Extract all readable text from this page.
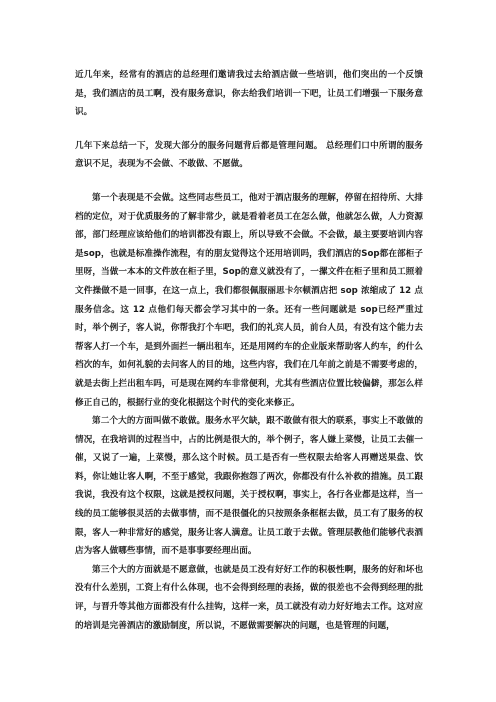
近几年来，经常有的酒店的总经理们邀请我过去给酒店做一些培训，他们突出的一个反馈是，我们酒店的员工啊，没有服务意识，你去给我们培训一下吧，让员工们增强一下服务意识。

几年下来总结一下，发现大部分的服务问题背后都是管理问题。 总经理们口中所谓的服务意识不足，表现为不会做、不敢做、不愿做。

第一个表现是不会做。这些同志些员工，他对于酒店服务的理解，停留在招待所、大排档的定位，对于优质服务的了解非常少，就是看着老员工在怎么做，他就怎么做，人力资源部，部门经理应该给他们的培训都没有跟上，所以导致不会做。不会做，最主要要培训内容是sop，也就是标准操作流程，有的朋友觉得这个还用培训吗，我们酒店的Sop都在部柜子里呀，当做一本本的文件放在柜子里，Sop的意义就没有了，一摞文件在柜子里和员工照着文件操做不是一回事，在这一点上，我们都很佩服丽思卡尔顿酒店把 sop 浓缩成了 12 点服务信念。这 12 点他们每天都会学习其中的一条。还有一些问题就是 sop已经严重过时，举个例子，客人说，你帮我打个车吧，我们的礼宾人员，前台人员，有没有这个能力去帮客人打一个车，是到外面拦一辆出租车，还是用网约车的企业版来帮助客人约车，约什么档次的车，如何礼貌的去问客人的目的地，这些内容，我们在几年前之前是不需要考虑的，就是去街上拦出租车吗，可是现在网约车非常便利，尤其有些酒店位置比较偏僻，那怎么样修正自己的，根据行业的变化根据这个时代的变化来修正。

第二个大的方面叫做不敢做。服务水平欠缺，跟不敢做有很大的联系，事实上不敢做的情况，在我培训的过程当中，占的比例是很大的，举个例子，客人嫌上菜慢，让员工去催一催，又说了一遍，上菜慢，那么这个时候。员工是否有一些权限去给客人再赠送果盘、饮料，你让她让客人啊，不至于感觉，我跟你抱怨了两次，你都没有什么补救的措施。员工跟我说，我没有这个权限，这就是授权问题，关于授权啊，事实上，各行各业都是这样，当一线的员工能够很灵活的去做事情，而不是很僵化的只按照条条框框去做，员工有了服务的权限，客人一种非常好的感觉，服务让客人满意。让员工敢于去做。管理层教他们能够代表酒店为客人做哪些事情，而不是事事要经理出面。

第三个大的方面就是不愿意做，也就是员工没有好好工作的积极性啊，服务的好和坏也没有什么差别，工资上有什么体现，也不会得到经理的表扬，做的很差也不会得到经理的批评，与晋升等其他方面都没有什么挂钩，这样一来，员工就没有动力好好地去工作。这对应的培训是完善酒店的激励制度，所以说，不愿做需要解决的问题，也是管理的问题，
